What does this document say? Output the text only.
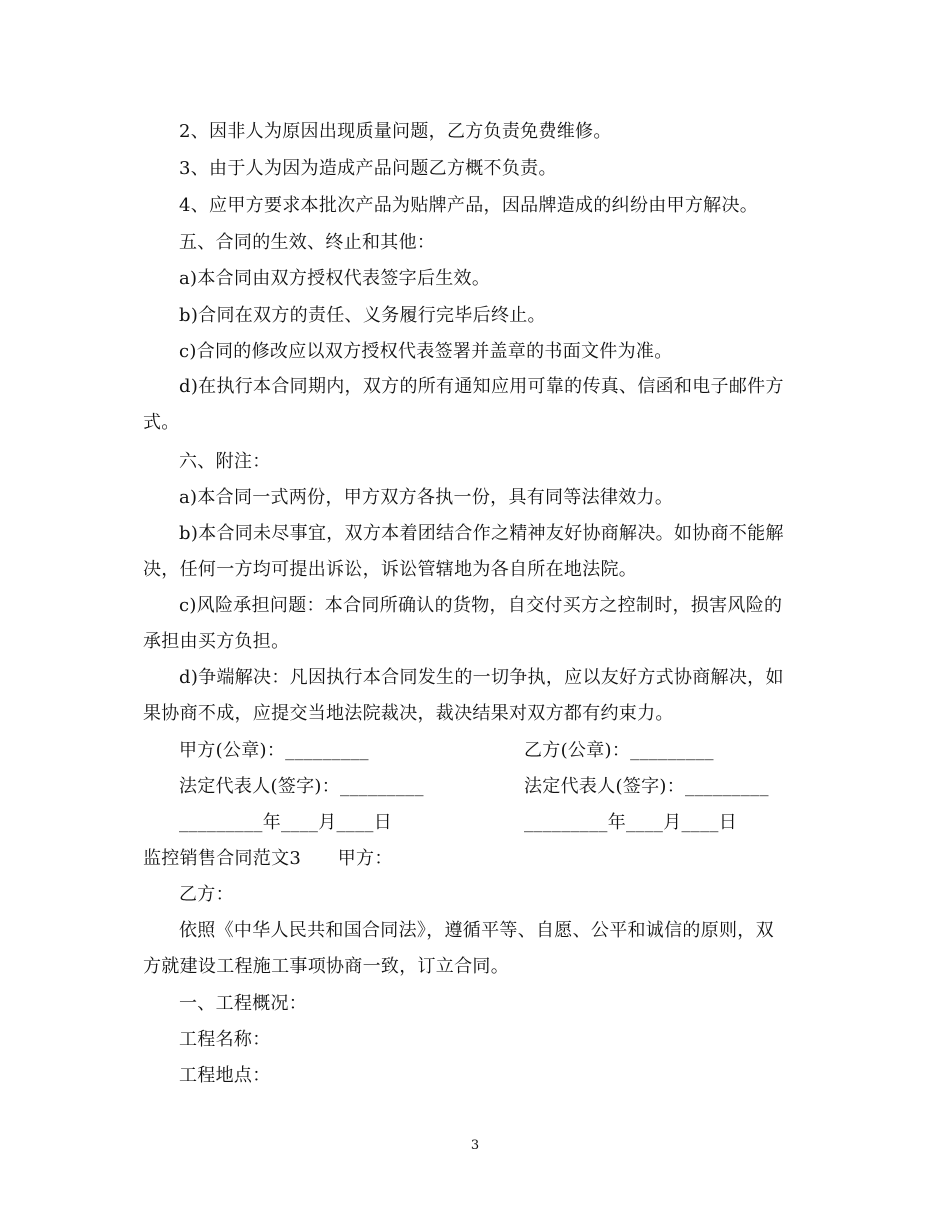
2、因非人为原因出现质量问题，乙方负责免费维修。
3、由于人为因为造成产品问题乙方概不负责。
4、应甲方要求本批次产品为贴牌产品，因品牌造成的纠纷由甲方解决。
五、合同的生效、终止和其他：
a)本合同由双方授权代表签字后生效。
b)合同在双方的责任、义务履行完毕后终止。
c)合同的修改应以双方授权代表签署并盖章的书面文件为准。
d)在执行本合同期内，双方的所有通知应用可靠的传真、信函和电子邮件方
式。
六、附注：
a)本合同一式两份，甲方双方各执一份，具有同等法律效力。
b)本合同未尽事宜，双方本着团结合作之精神友好协商解决。如协商不能解
决，任何一方均可提出诉讼，诉讼管辖地为各自所在地法院。
c)风险承担问题：本合同所确认的货物，自交付买方之控制时，损害风险的
承担由买方负担。
d)争端解决：凡因执行本合同发生的一切争执，应以友好方式协商解决，如
果协商不成，应提交当地法院裁决，裁决结果对双方都有约束力。
甲方(公章)：_________	乙方(公章)：_________
法定代表人(签字)：_________	法定代表人(签字)：_________
_________年____月____日	_________年____月____日
监控销售合同范文3　　甲方：
乙方：
依照《中华人民共和国合同法》，遵循平等、自愿、公平和诚信的原则，双
方就建设工程施工事项协商一致，订立合同。
一、工程概况：
工程名称：
工程地点：
3
